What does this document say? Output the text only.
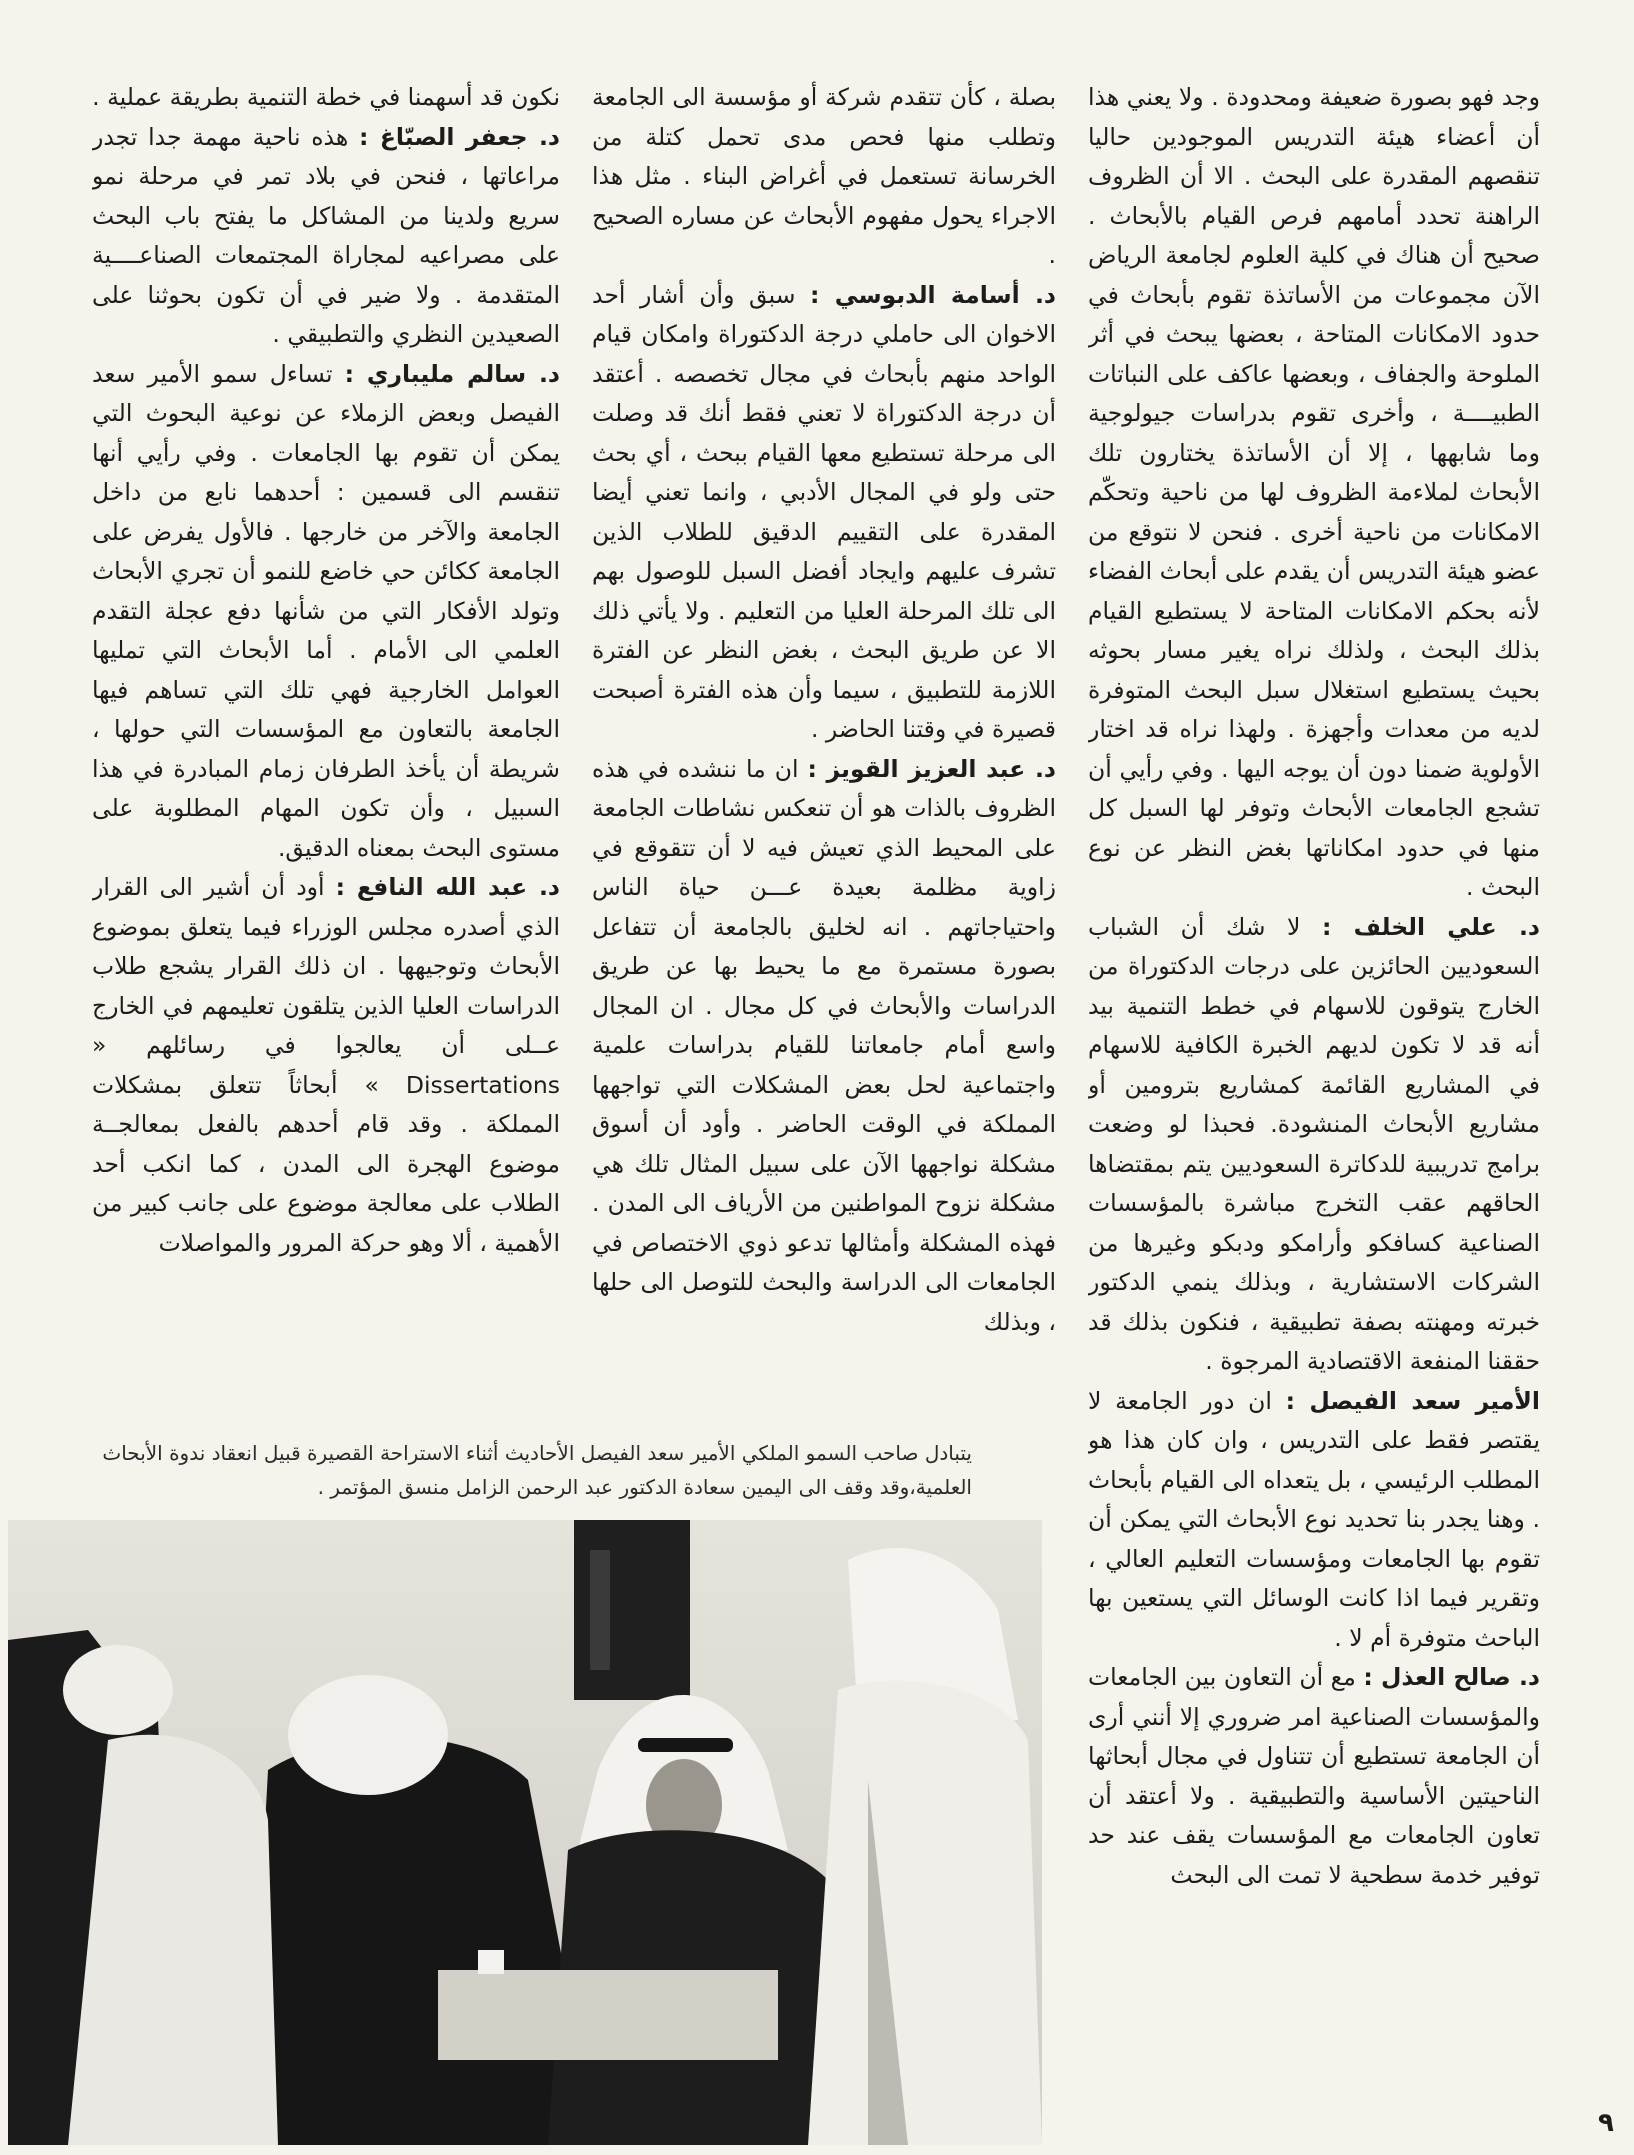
وجد فهو بصورة ضعيفة ومحدودة . ولا يعني هذا أن أعضاء هيئة التدريس الموجودين حاليا تنقصهم المقدرة على البحث . الا أن الظروف الراهنة تحدد أمامهم فرص القيام بالأبحاث . صحيح أن هناك في كلية العلوم لجامعة الرياض الآن مجموعات من الأساتذة تقوم بأبحاث في حدود الامكانات المتاحة ، بعضها يبحث في أثر الملوحة والجفاف ، وبعضها عاكف على النباتات الطبيــــة ، وأخرى تقوم بدراسات جيولوجية وما شابهها ، إلا أن الأساتذة يختارون تلك الأبحاث لملاءمة الظروف لها من ناحية وتحكّم الامكانات من ناحية أخرى . فنحن لا نتوقع من عضو هيئة التدريس أن يقدم على أبحاث الفضاء لأنه بحكم الامكانات المتاحة لا يستطيع القيام بذلك البحث ، ولذلك نراه يغير مسار بحوثه بحيث يستطيع استغلال سبل البحث المتوفرة لديه من معدات وأجهزة . ولهذا نراه قد اختار الأولوية ضمنا دون أن يوجه اليها . وفي رأيي أن تشجع الجامعات الأبحاث وتوفر لها السبل كل منها في حدود امكاناتها بغض النظر عن نوع البحث .

د. علي الخلف : لا شك أن الشباب السعوديين الحائزين على درجات الدكتوراة من الخارج يتوقون للاسهام في خطط التنمية بيد أنه قد لا تكون لديهم الخبرة الكافية للاسهام في المشاريع القائمة كمشاريع بترومين أو مشاريع الأبحاث المنشودة. فحبذا لو وضعت برامج تدريبية للدكاترة السعوديين يتم بمقتضاها الحاقهم عقب التخرج مباشرة بالمؤسسات الصناعية كسافكو وأرامكو ودبكو وغيرها من الشركات الاستشارية ، وبذلك ينمي الدكتور خبرته ومهنته بصفة تطبيقية ، فنكون بذلك قد حققنا المنفعة الاقتصادية المرجوة .

الأمير سعد الفيصل : ان دور الجامعة لا يقتصر فقط على التدريس ، وان كان هذا هو المطلب الرئيسي ، بل يتعداه الى القيام بأبحاث . وهنا يجدر بنا تحديد نوع الأبحاث التي يمكن أن تقوم بها الجامعات ومؤسسات التعليم العالي ، وتقرير فيما اذا كانت الوسائل التي يستعين بها الباحث متوفرة أم لا .

د. صالح العذل : مع أن التعاون بين الجامعات والمؤسسات الصناعية امر ضروري إلا أنني أرى أن الجامعة تستطيع أن تتناول في مجال أبحاثها الناحيتين الأساسية والتطبيقية . ولا أعتقد أن تعاون الجامعات مع المؤسسات يقف عند حد توفير خدمة سطحية لا تمت الى البحث

بصلة ، كأن تتقدم شركة أو مؤسسة الى الجامعة وتطلب منها فحص مدى تحمل كتلة من الخرسانة تستعمل في أغراض البناء . مثل هذا الاجراء يحول مفهوم الأبحاث عن مساره الصحيح .

د. أسامة الدبوسي : سبق وأن أشار أحد الاخوان الى حاملي درجة الدكتوراة وامكان قيام الواحد منهم بأبحاث في مجال تخصصه . أعتقد أن درجة الدكتوراة لا تعني فقط أنك قد وصلت الى مرحلة تستطيع معها القيام ببحث ، أي بحث حتى ولو في المجال الأدبي ، وانما تعني أيضا المقدرة على التقييم الدقيق للطلاب الذين تشرف عليهم وايجاد أفضل السبل للوصول بهم الى تلك المرحلة العليا من التعليم . ولا يأتي ذلك الا عن طريق البحث ، بغض النظر عن الفترة اللازمة للتطبيق ، سيما وأن هذه الفترة أصبحت قصيرة في وقتنا الحاضر .

د. عبد العزيز القويز : ان ما ننشده في هذه الظروف بالذات هو أن تنعكس نشاطات الجامعة على المحيط الذي تعيش فيه لا أن تتقوقع في زاوية مظلمة بعيدة عـــن حياة الناس واحتياجاتهم . انه لخليق بالجامعة أن تتفاعل بصورة مستمرة مع ما يحيط بها عن طريق الدراسات والأبحاث في كل مجال . ان المجال واسع أمام جامعاتنا للقيام بدراسات علمية واجتماعية لحل بعض المشكلات التي تواجهها المملكة في الوقت الحاضر . وأود أن أسوق مشكلة نواجهها الآن على سبيل المثال تلك هي مشكلة نزوح المواطنين من الأرياف الى المدن . فهذه المشكلة وأمثالها تدعو ذوي الاختصاص في الجامعات الى الدراسة والبحث للتوصل الى حلها ، وبذلك

نكون قد أسهمنا في خطة التنمية بطريقة عملية .

د. جعفر الصبّاغ : هذه ناحية مهمة جدا تجدر مراعاتها ، فنحن في بلاد تمر في مرحلة نمو سريع ولدينا من المشاكل ما يفتح باب البحث على مصراعيه لمجاراة المجتمعات الصناعــــية المتقدمة . ولا ضير في أن تكون بحوثنا على الصعيدين النظري والتطبيقي .

د. سالم مليباري : تساءل سمو الأمير سعد الفيصل وبعض الزملاء عن نوعية البحوث التي يمكن أن تقوم بها الجامعات . وفي رأيي أنها تنقسم الى قسمين : أحدهما نابع من داخل الجامعة والآخر من خارجها . فالأول يفرض على الجامعة ككائن حي خاضع للنمو أن تجري الأبحاث وتولد الأفكار التي من شأنها دفع عجلة التقدم العلمي الى الأمام . أما الأبحاث التي تمليها العوامل الخارجية فهي تلك التي تساهم فيها الجامعة بالتعاون مع المؤسسات التي حولها ، شريطة أن يأخذ الطرفان زمام المبادرة في هذا السبيل ، وأن تكون المهام المطلوبة على مستوى البحث بمعناه الدقيق.

د. عبد الله النافع : أود أن أشير الى القرار الذي أصدره مجلس الوزراء فيما يتعلق بموضوع الأبحاث وتوجيهها . ان ذلك القرار يشجع طلاب الدراسات العليا الذين يتلقون تعليمهم في الخارج عــلى أن يعالجوا في رسائلهم « Dissertations » أبحاثاً تتعلق بمشكلات المملكة . وقد قام أحدهم بالفعل بمعالجــة موضوع الهجرة الى المدن ، كما انكب أحد الطلاب على معالجة موضوع على جانب كبير من الأهمية ، ألا وهو حركة المرور والمواصلات

يتبادل صاحب السمو الملكي الأمير سعد الفيصل الأحاديث أثناء الاستراحة القصيرة قبيل انعقاد ندوة الأبحاث العلمية،وقد وقف الى اليمين سعادة الدكتور عبد الرحمن الزامل منسق المؤتمر .
٩
